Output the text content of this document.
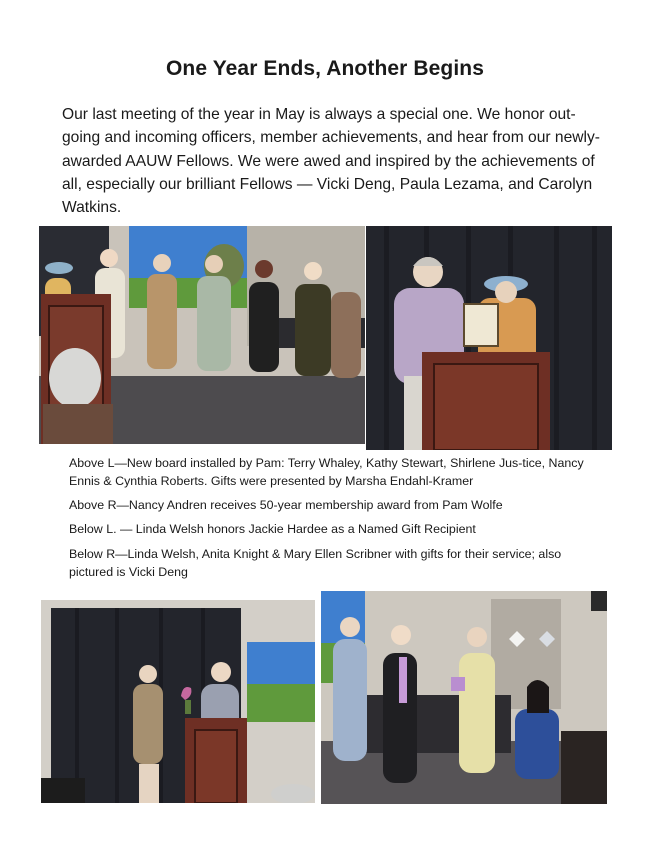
One Year Ends, Another Begins
Our last meeting of the year in May is always a special one. We honor out-going and incoming officers, member achievements, and hear from our newly-awarded AAUW Fellows. We were awed and inspired by the achievements of all, especially our brilliant Fellows — Vicki Deng, Paula Lezama, and Carolyn Watkins.
Above L—New board installed by Pam: Terry Whaley, Kathy Stewart, Shirlene Jus-tice, Nancy Ennis & Cynthia Roberts. Gifts were presented by Marsha Endahl-Kramer
Above R—Nancy Andren receives 50-year membership award from Pam Wolfe
Below L. — Linda Welsh honors Jackie Hardee as a Named Gift Recipient
Below R—Linda Welsh, Anita Knight & Mary Ellen Scribner with gifts for their service; also pictured is Vicki Deng
